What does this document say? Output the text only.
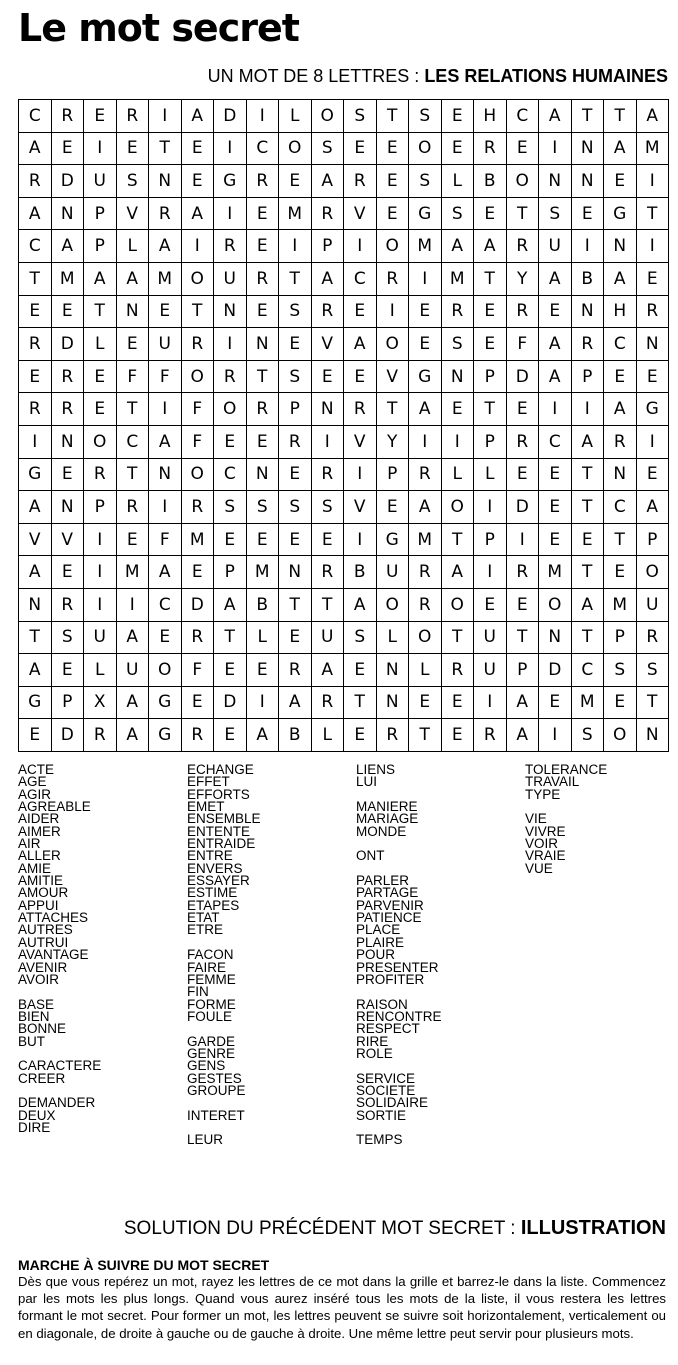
Le mot secret
UN MOT DE 8 LETTRES : LES RELATIONS HUMAINES
C	R	E	R	I	A	D	I	L	O	S	T	S	E	H	C	A	T	T	A
A	E	I	E	T	E	I	C	O	S	E	E	O	E	R	E	I	N	A	M
R	D	U	S	N	E	G	R	E	A	R	E	S	L	B	O	N	N	E	I
A	N	P	V	R	A	I	E	M	R	V	E	G	S	E	T	S	E	G	T
C	A	P	L	A	I	R	E	I	P	I	O	M	A	A	R	U	I	N	I
T	M	A	A	M	O	U	R	T	A	C	R	I	M	T	Y	A	B	A	E
E	E	T	N	E	T	N	E	S	R	E	I	E	R	E	R	E	N	H	R
R	D	L	E	U	R	I	N	E	V	A	O	E	S	E	F	A	R	C	N
E	R	E	F	F	O	R	T	S	E	E	V	G	N	P	D	A	P	E	E
R	R	E	T	I	F	O	R	P	N	R	T	A	E	T	E	I	I	A	G
I	N	O	C	A	F	E	E	R	I	V	Y	I	I	P	R	C	A	R	I
G	E	R	T	N	O	C	N	E	R	I	P	R	L	L	E	E	T	N	E
A	N	P	R	I	R	S	S	S	S	V	E	A	O	I	D	E	T	C	A
V	V	I	E	F	M	E	E	E	E	I	G	M	T	P	I	E	E	T	P
A	E	I	M	A	E	P	M	N	R	B	U	R	A	I	R	M	T	E	O
N	R	I	I	C	D	A	B	T	T	A	O	R	O	E	E	O	A	M	U
T	S	U	A	E	R	T	L	E	U	S	L	O	T	U	T	N	T	P	R
A	E	L	U	O	F	E	E	R	A	E	N	L	R	U	P	D	C	S	S
G	P	X	A	G	E	D	I	A	R	T	N	E	E	I	A	E	M	E	T
E	D	R	A	G	R	E	A	B	L	E	R	T	E	R	A	I	S	O	N
ACTE
AGE
AGIR
AGREABLE
AIDER
AIMER
AIR
ALLER
AMIE
AMITIE
AMOUR
APPUI
ATTACHES
AUTRES
AUTRUI
AVANTAGE
AVENIR
AVOIR
BASE
BIEN
BONNE
BUT
CARACTERE
CREER
DEMANDER
DEUX
DIRE
ECHANGE
EFFET
EFFORTS
EMET
ENSEMBLE
ENTENTE
ENTRAIDE
ENTRE
ENVERS
ESSAYER
ESTIME
ETAPES
ETAT
ETRE
FACON
FAIRE
FEMME
FIN
FORME
FOULE
GARDE
GENRE
GENS
GESTES
GROUPE
INTERET
LEUR
LIENS
LUI
MANIERE
MARIAGE
MONDE
ONT
PARLER
PARTAGE
PARVENIR
PATIENCE
PLACE
PLAIRE
POUR
PRESENTER
PROFITER
RAISON
RENCONTRE
RESPECT
RIRE
ROLE
SERVICE
SOCIETE
SOLIDAIRE
SORTIE
TEMPS
TOLERANCE
TRAVAIL
TYPE
VIE
VIVRE
VOIR
VRAIE
VUE
SOLUTION DU PRÉCÉDENT MOT SECRET : ILLUSTRATION
MARCHE À SUIVRE DU MOT SECRET
Dès que vous repérez un mot, rayez les lettres de ce mot dans la grille et barrez-le dans la liste. Commencez par les mots les plus longs. Quand vous aurez inséré tous les mots de la liste, il vous restera les lettres formant le mot secret. Pour former un mot, les lettres peuvent se suivre soit horizontalement, verticalement ou en diagonale, de droite à gauche ou de gauche à droite. Une même lettre peut servir pour plusieurs mots.
